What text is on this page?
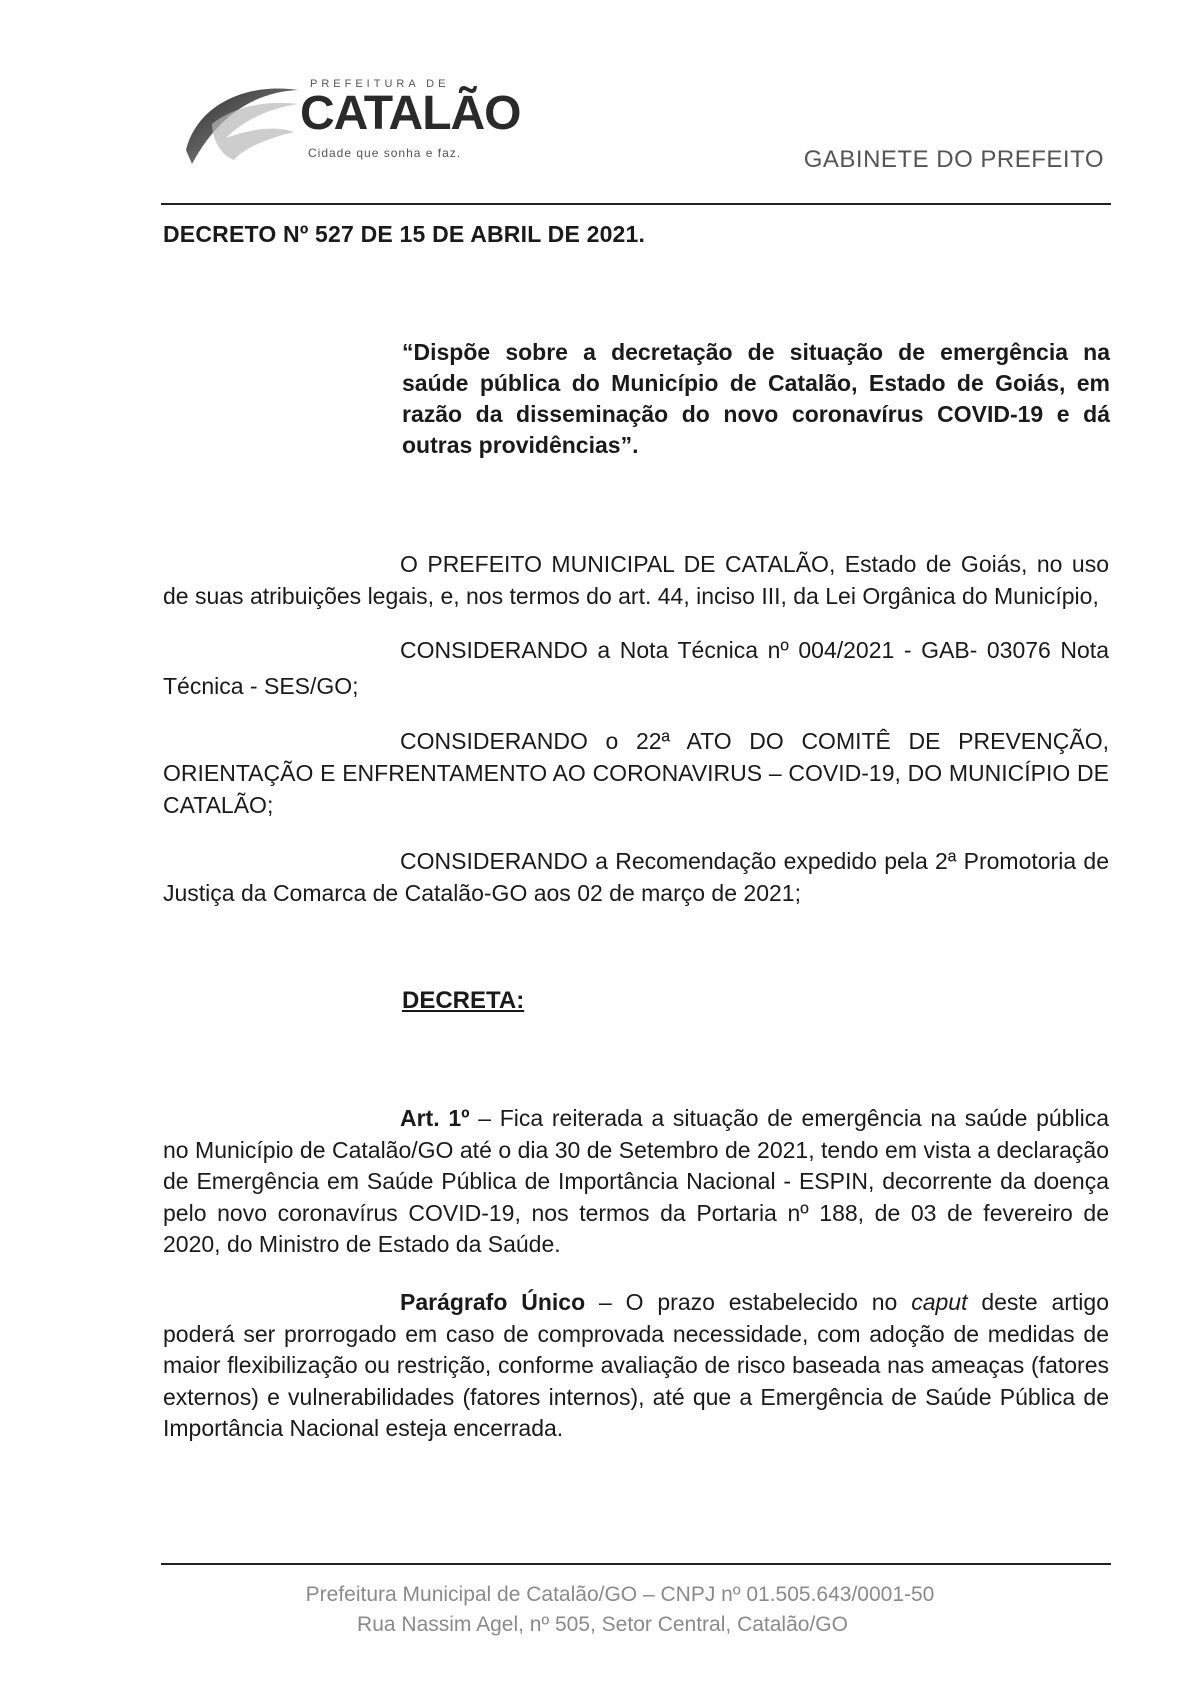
PREFEITURA DE
CATALÃO
Cidade que sonha e faz.	GABINETE DO PREFEITO
DECRETO Nº 527 DE 15 DE ABRIL DE 2021.
“Dispõe sobre a decretação de situação de emergência na saúde pública do Município de Catalão, Estado de Goiás, em razão da disseminação do novo coronavírus COVID-19 e dá outras providências”.
O PREFEITO MUNICIPAL DE CATALÃO, Estado de Goiás, no uso de suas atribuições legais, e, nos termos do art. 44, inciso III, da Lei Orgânica do Município,
CONSIDERANDO a Nota Técnica nº 004/2021 - GAB- 03076 Nota
Técnica - SES/GO;
CONSIDERANDO o 22ª ATO DO COMITÊ DE PREVENÇÃO, ORIENTAÇÃO E ENFRENTAMENTO AO CORONAVIRUS – COVID-19, DO MUNICÍPIO DE CATALÃO;
CONSIDERANDO a Recomendação expedido pela 2ª Promotoria de Justiça da Comarca de Catalão-GO aos 02 de março de 2021;
DECRETA:
Art. 1º – Fica reiterada a situação de emergência na saúde pública no Município de Catalão/GO até o dia 30 de Setembro de 2021, tendo em vista a declaração de Emergência em Saúde Pública de Importância Nacional - ESPIN, decorrente da doença pelo novo coronavírus COVID-19, nos termos da Portaria nº 188, de 03 de fevereiro de 2020, do Ministro de Estado da Saúde.
Parágrafo Único – O prazo estabelecido no caput deste artigo poderá ser prorrogado em caso de comprovada necessidade, com adoção de medidas de maior flexibilização ou restrição, conforme avaliação de risco baseada nas ameaças (fatores externos) e vulnerabilidades (fatores internos), até que a Emergência de Saúde Pública de Importância Nacional esteja encerrada.
Prefeitura Municipal de Catalão/GO – CNPJ nº 01.505.643/0001-50
Rua Nassim Agel, nº 505, Setor Central, Catalão/GO
